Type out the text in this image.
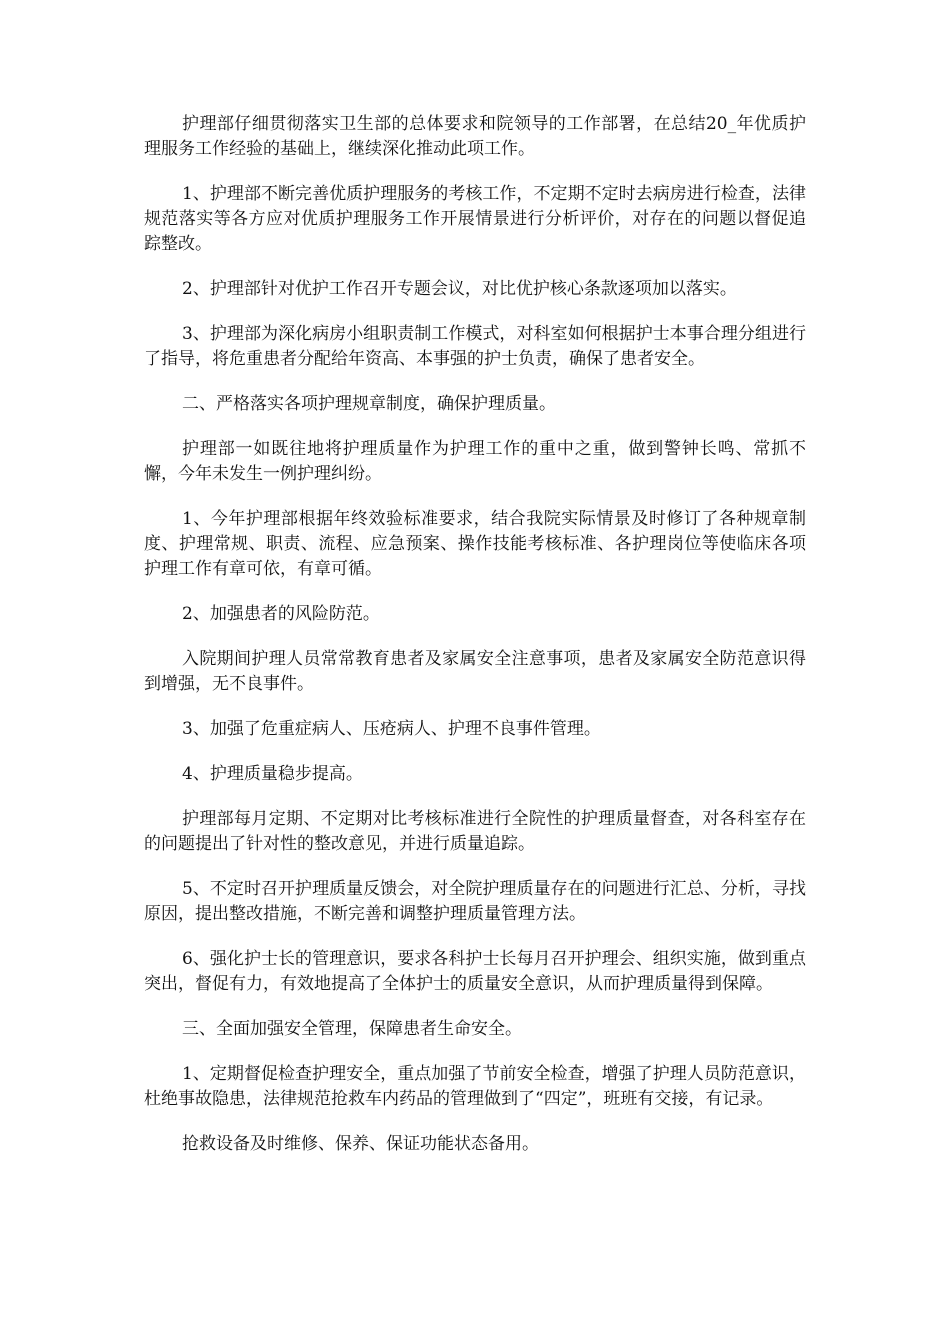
护理部仔细贯彻落实卫生部的总体要求和院领导的工作部署，在总结20_年优质护理服务工作经验的基础上，继续深化推动此项工作。

1、护理部不断完善优质护理服务的考核工作，不定期不定时去病房进行检查，法律规范落实等各方应对优质护理服务工作开展情景进行分析评价，对存在的问题以督促追踪整改。

2、护理部针对优护工作召开专题会议，对比优护核心条款逐项加以落实。

3、护理部为深化病房小组职责制工作模式，对科室如何根据护士本事合理分组进行了指导，将危重患者分配给年资高、本事强的护士负责，确保了患者安全。

二、严格落实各项护理规章制度，确保护理质量。

护理部一如既往地将护理质量作为护理工作的重中之重，做到警钟长鸣、常抓不懈，今年未发生一例护理纠纷。

1、今年护理部根据年终效验标准要求，结合我院实际情景及时修订了各种规章制度、护理常规、职责、流程、应急预案、操作技能考核标准、各护理岗位等使临床各项护理工作有章可依，有章可循。

2、加强患者的风险防范。

入院期间护理人员常常教育患者及家属安全注意事项，患者及家属安全防范意识得到增强，无不良事件。

3、加强了危重症病人、压疮病人、护理不良事件管理。

4、护理质量稳步提高。

护理部每月定期、不定期对比考核标准进行全院性的护理质量督查，对各科室存在的问题提出了针对性的整改意见，并进行质量追踪。

5、不定时召开护理质量反馈会，对全院护理质量存在的问题进行汇总、分析，寻找原因，提出整改措施，不断完善和调整护理质量管理方法。

6、强化护士长的管理意识，要求各科护士长每月召开护理会、组织实施，做到重点突出，督促有力，有效地提高了全体护士的质量安全意识，从而护理质量得到保障。

三、全面加强安全管理，保障患者生命安全。

1、定期督促检查护理安全，重点加强了节前安全检查，增强了护理人员防范意识，杜绝事故隐患，法律规范抢救车内药品的管理做到了“四定”，班班有交接，有记录。

抢救设备及时维修、保养、保证功能状态备用。
